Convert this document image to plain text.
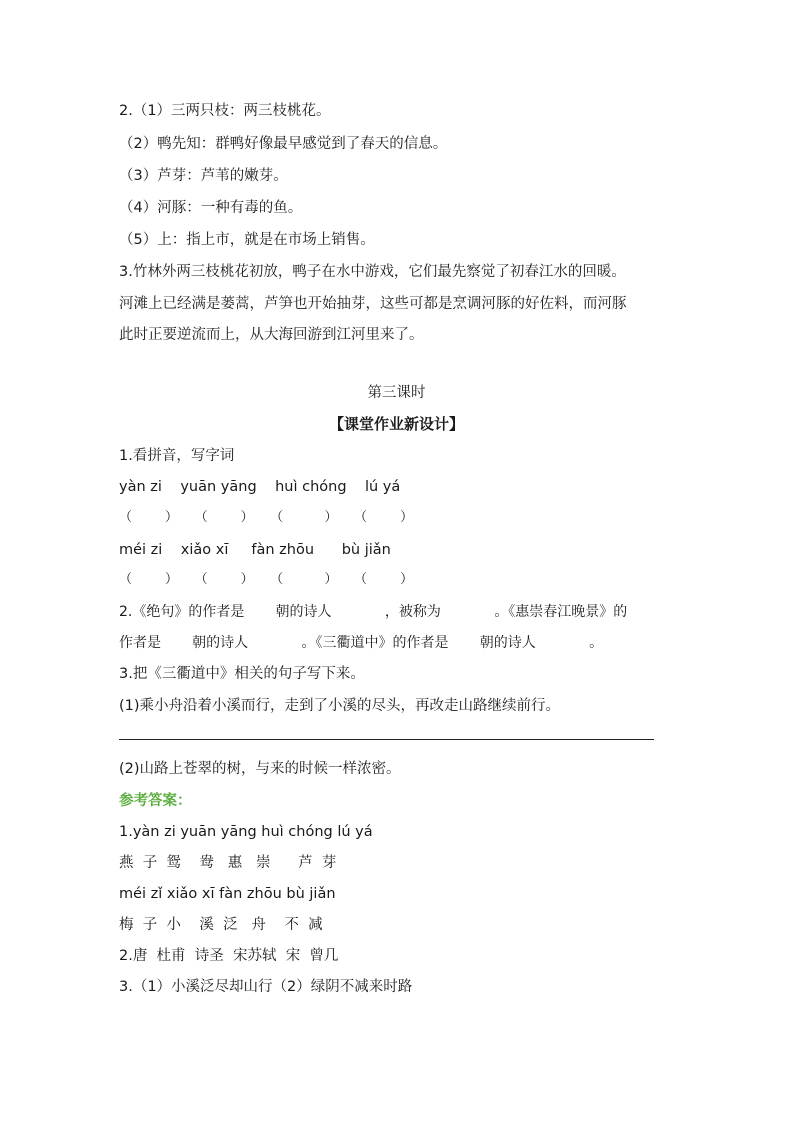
2.（1）三两只枝：两三枝桃花。
（2）鸭先知：群鸭好像最早感觉到了春天的信息。
（3）芦芽：芦苇的嫩芽。
（4）河豚：一种有毒的鱼。
（5）上：指上市，就是在市场上销售。
3.竹林外两三枝桃花初放，鸭子在水中游戏，它们最先察觉了初春江水的回暖。
河滩上已经满是蒌蒿，芦笋也开始抽芽，这些可都是烹调河豚的好佐料，而河豚
此时正要逆流而上，从大海回游到江河里来了。
第三课时
【课堂作业新设计】
1.看拼音，写字词
yàn zi    yuān yāng    huì chóng    lú yá
（        ）    （        ）    （          ）    （        ）
méi zi    xiǎo xī     fàn zhōu      bù jiǎn
（        ）    （        ）    （          ）    （        ）
2.《绝句》的作者是       朝的诗人            ，被称为            。《惠崇春江晚景》的
作者是       朝的诗人            。《三衢道中》的作者是       朝的诗人            。
3.把《三衢道中》相关的句子写下来。
(1)乘小舟沿着小溪而行，走到了小溪的尽头，再改走山路继续前行。
(2)山路上苍翠的树，与来的时候一样浓密。
参考答案：
1.yàn zi yuān yāng huì chóng lú yá
燕  子  鸳    鸯   惠   崇      芦  芽
méi zǐ xiǎo xī fàn zhōu bù jiǎn
梅  子  小    溪  泛   舟    不  减
2.唐  杜甫  诗圣  宋苏轼  宋  曾几
3.（1）小溪泛尽却山行（2）绿阴不减来时路
